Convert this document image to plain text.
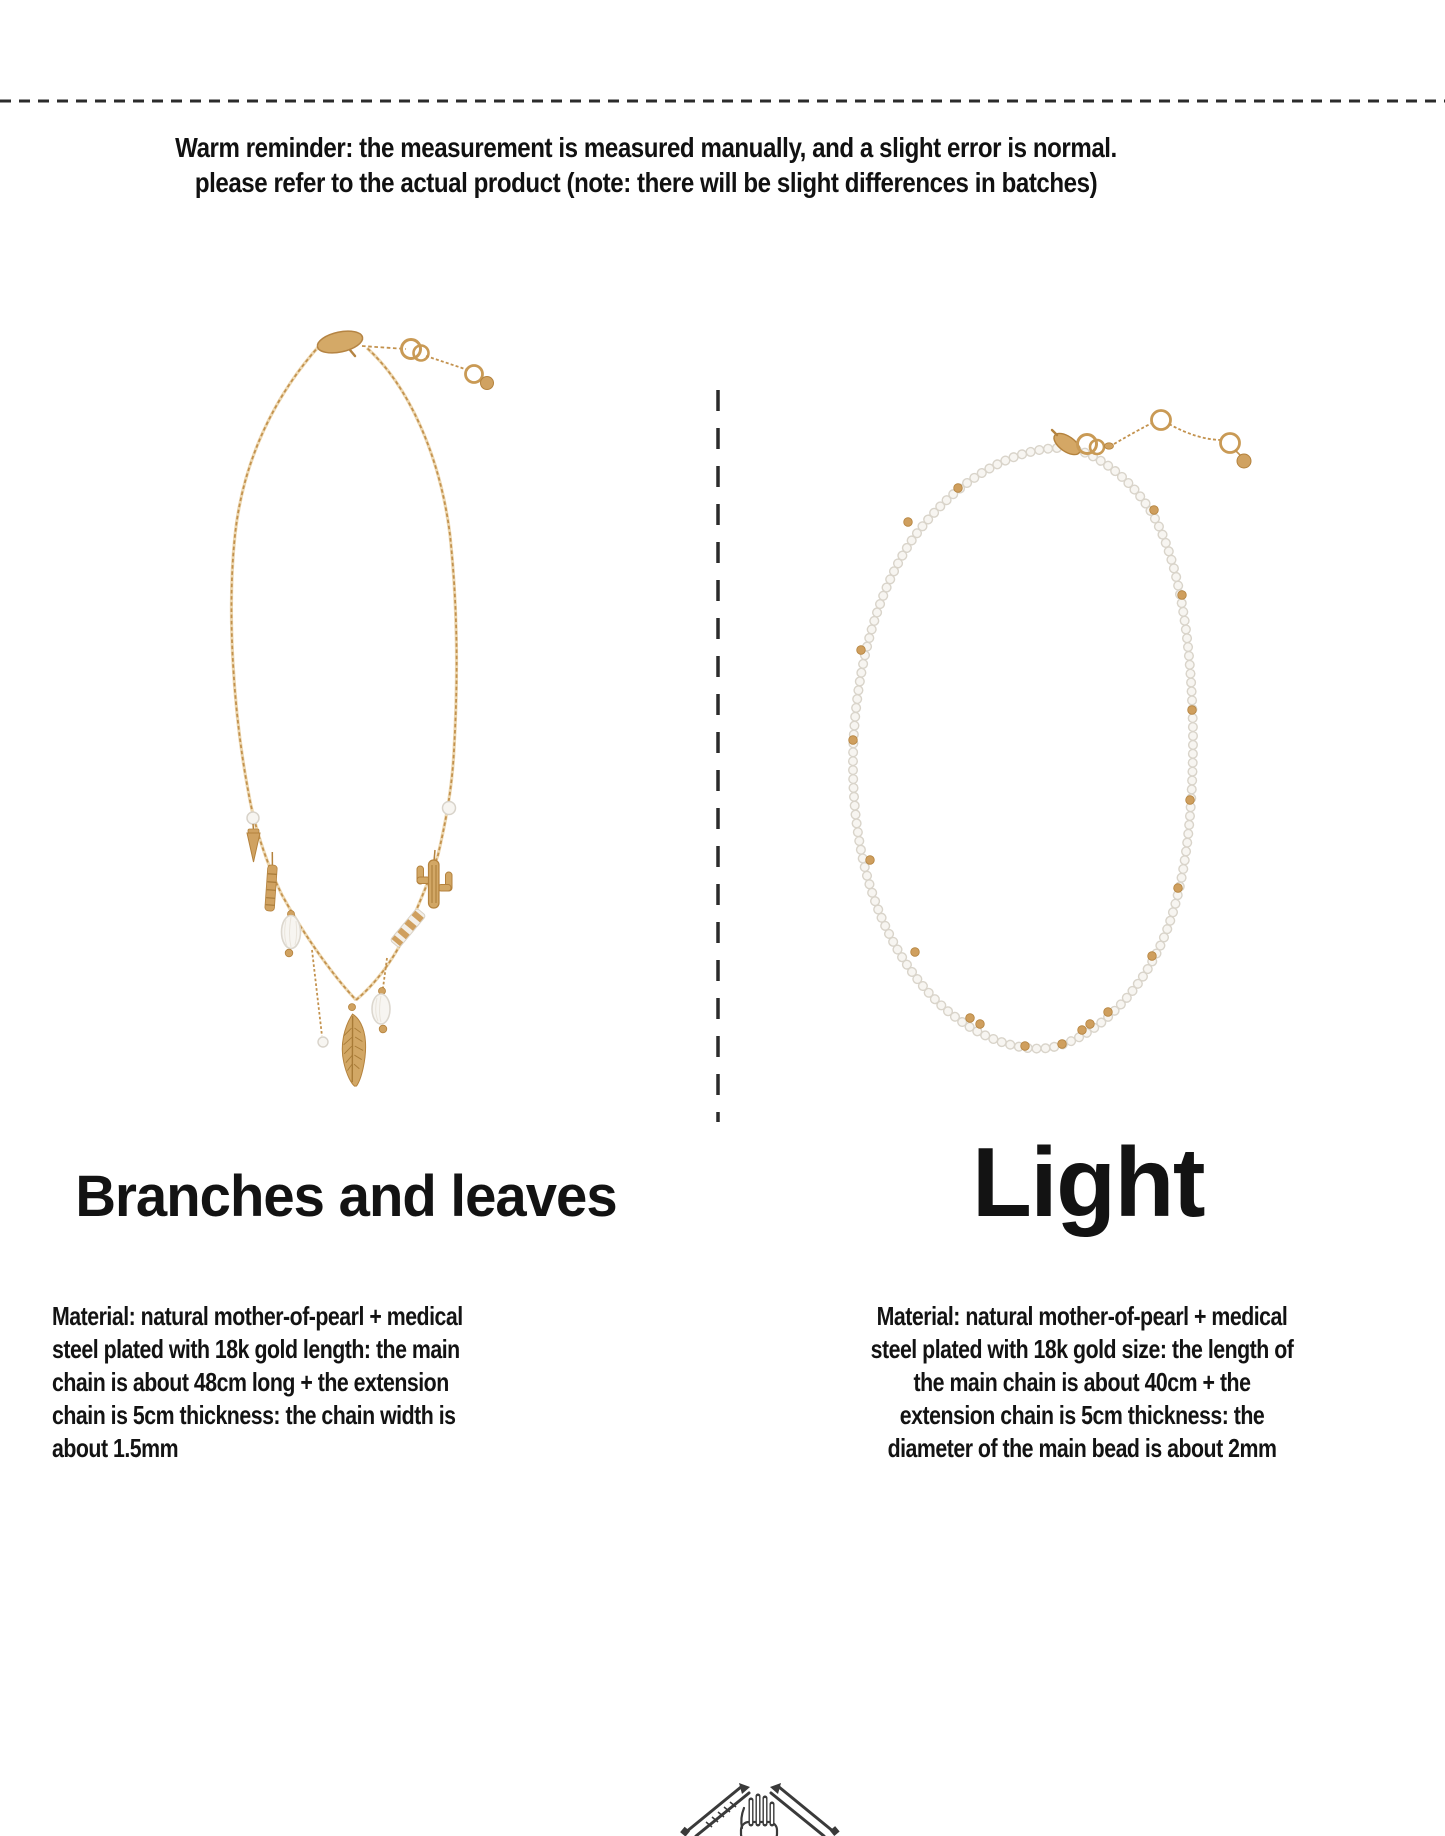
Warm reminder: the measurement is measured manually, and a slight error is normal.
please refer to the actual product (note: there will be slight differences in batches)
Branches and leaves	Light
Material: natural mother-of-pearl + medical
steel plated with 18k gold length: the main
chain is about 48cm long + the extension
chain is 5cm thickness: the chain width is
about 1.5mm
Material: natural mother-of-pearl + medical
steel plated with 18k gold size: the length of
the main chain is about 40cm + the
extension chain is 5cm thickness: the
diameter of the main bead is about 2mm
